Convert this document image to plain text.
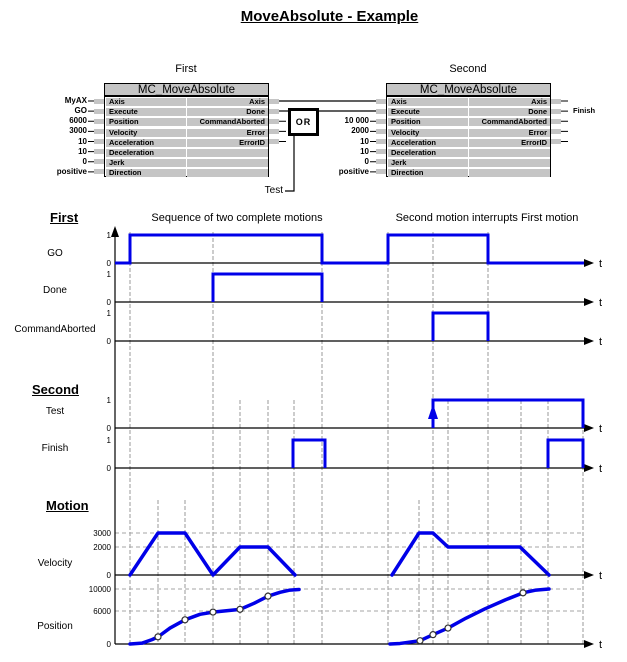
t
1
0
t
1
0
t
1
0
t
1
0
t
1
0
t
3000
2000
0
t
10000
6000
0
MoveAbsolute - Example
First	Second
MC_MoveAbsolute	MC_MoveAbsolute
Axis	Axis
Execute	Done
Position	CommandAborted
Velocity	Error
Acceleration	ErrorID
Deceleration
Jerk
Direction
Axis	Axis
Execute	Done
Position	CommandAborted
Velocity	Error
Acceleration	ErrorID
Deceleration
Jerk
Direction
MyAX
GO
6000
3000
10
10
0
positive
10 000
2000
10
10
0
positive
OR
Test
Finish
Sequence of two complete motions	Second motion interrupts First motion
First
Second
Motion
GO
Done
CommandAborted
Test
Finish
Velocity
Position
